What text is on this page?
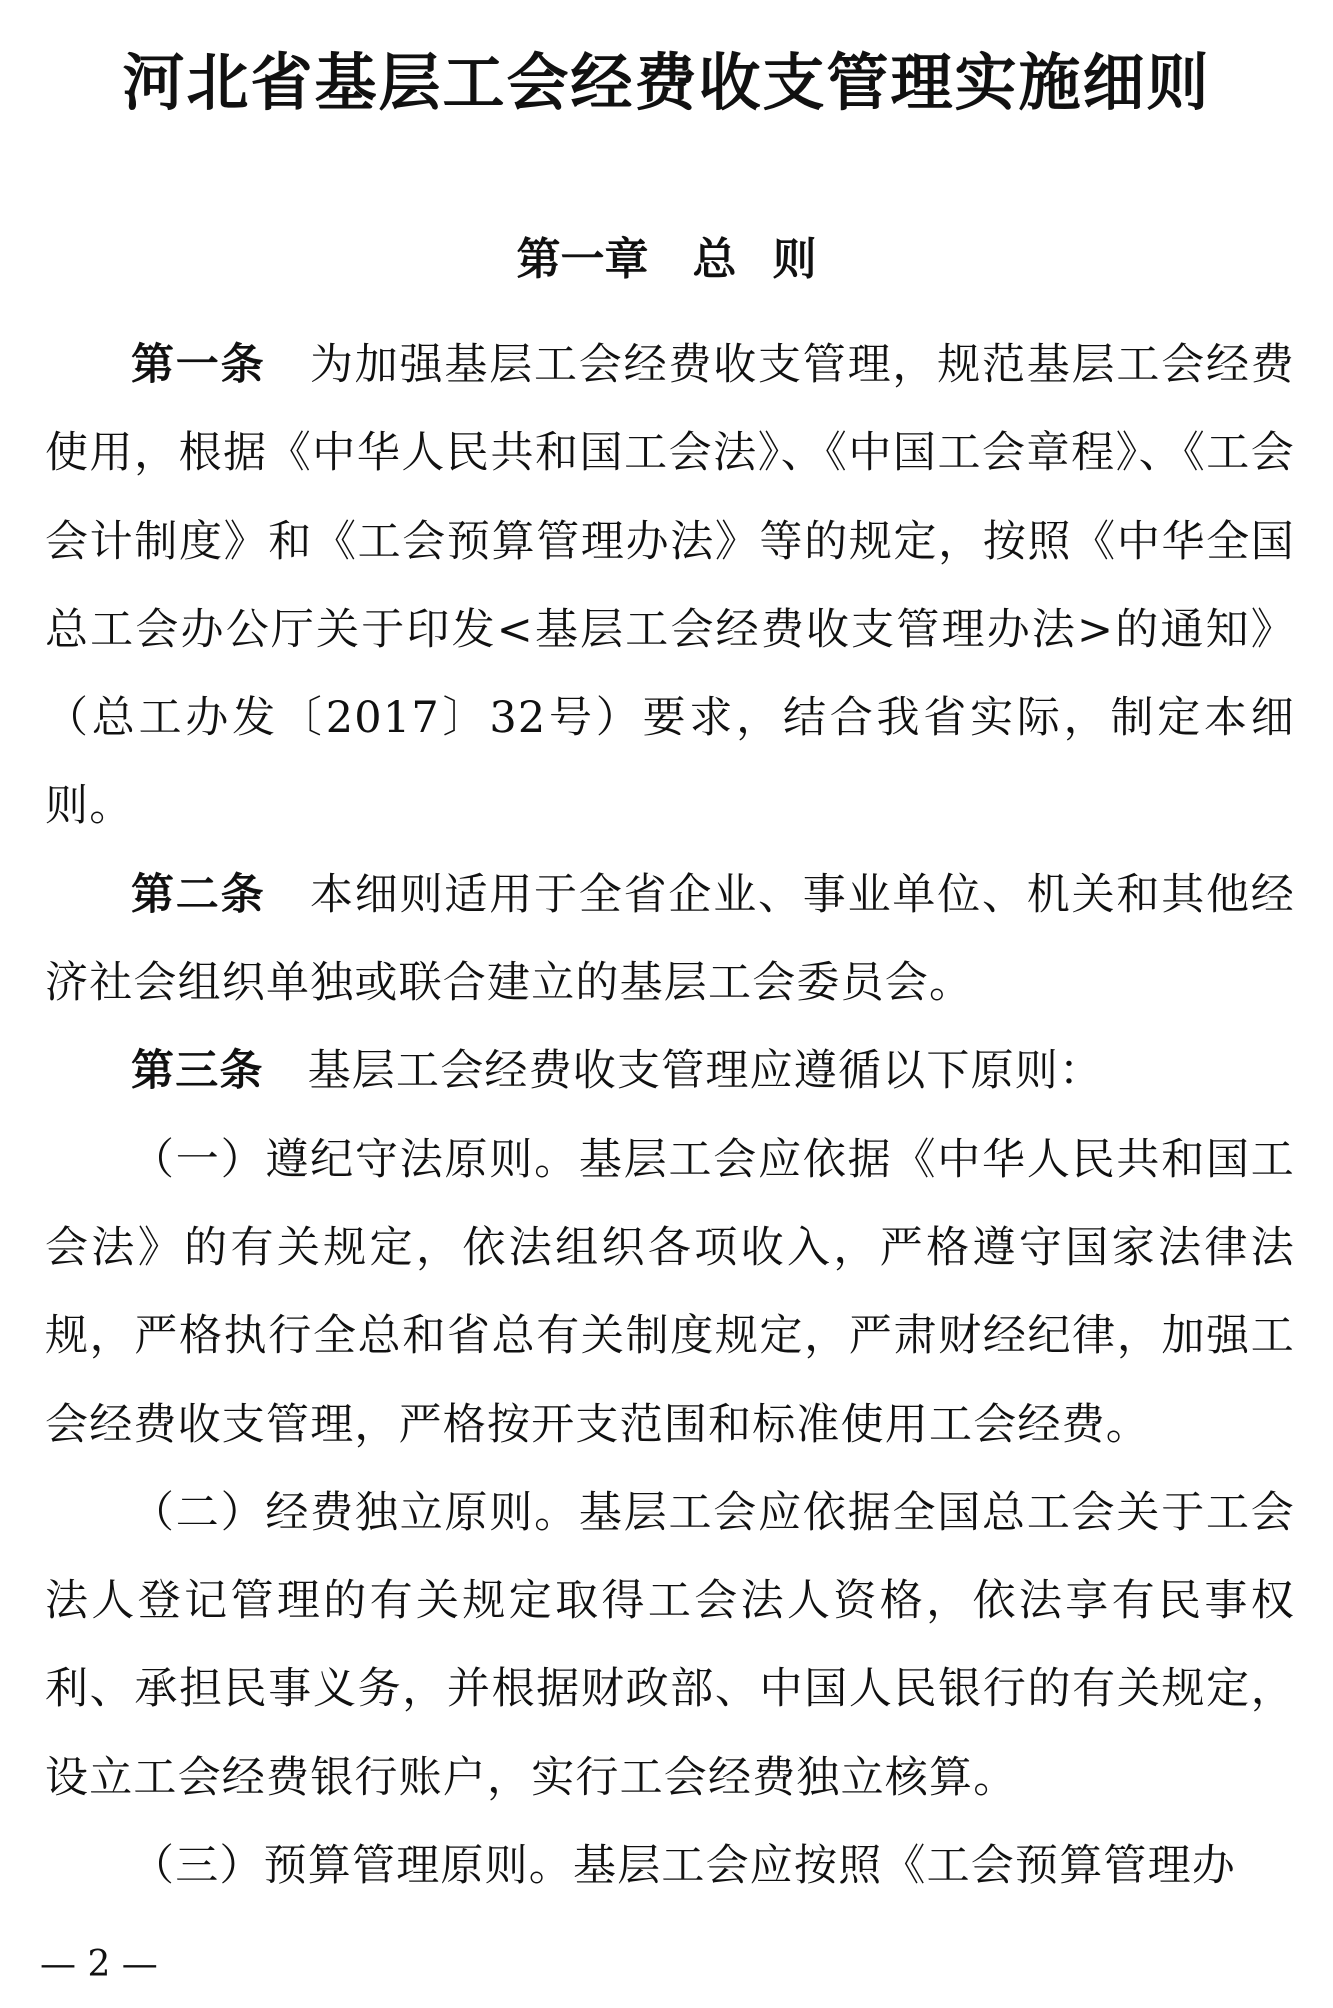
河北省基层工会经费收支管理实施细则
第一章 总 则

第一条 为加强基层工会经费收支管理，规范基层工会经费使用，根据《中华人民共和国工会法》、《中国工会章程》、《工会会计制度》和《工会预算管理办法》等的规定，按照《中华全国总工会办公厅关于印发<基层工会经费收支管理办法>的通知》（总工办发〔2017〕32号）要求，结合我省实际，制定本细则。

第二条 本细则适用于全省企业、事业单位、机关和其他经济社会组织单独或联合建立的基层工会委员会。

第三条 基层工会经费收支管理应遵循以下原则：

（一）遵纪守法原则。基层工会应依据《中华人民共和国工会法》的有关规定，依法组织各项收入，严格遵守国家法律法规，严格执行全总和省总有关制度规定，严肃财经纪律，加强工会经费收支管理，严格按开支范围和标准使用工会经费。

（二）经费独立原则。基层工会应依据全国总工会关于工会法人登记管理的有关规定取得工会法人资格，依法享有民事权利、承担民事义务，并根据财政部、中国人民银行的有关规定，设立工会经费银行账户，实行工会经费独立核算。

（三）预算管理原则。基层工会应按照《工会预算管理办

— 2 —
